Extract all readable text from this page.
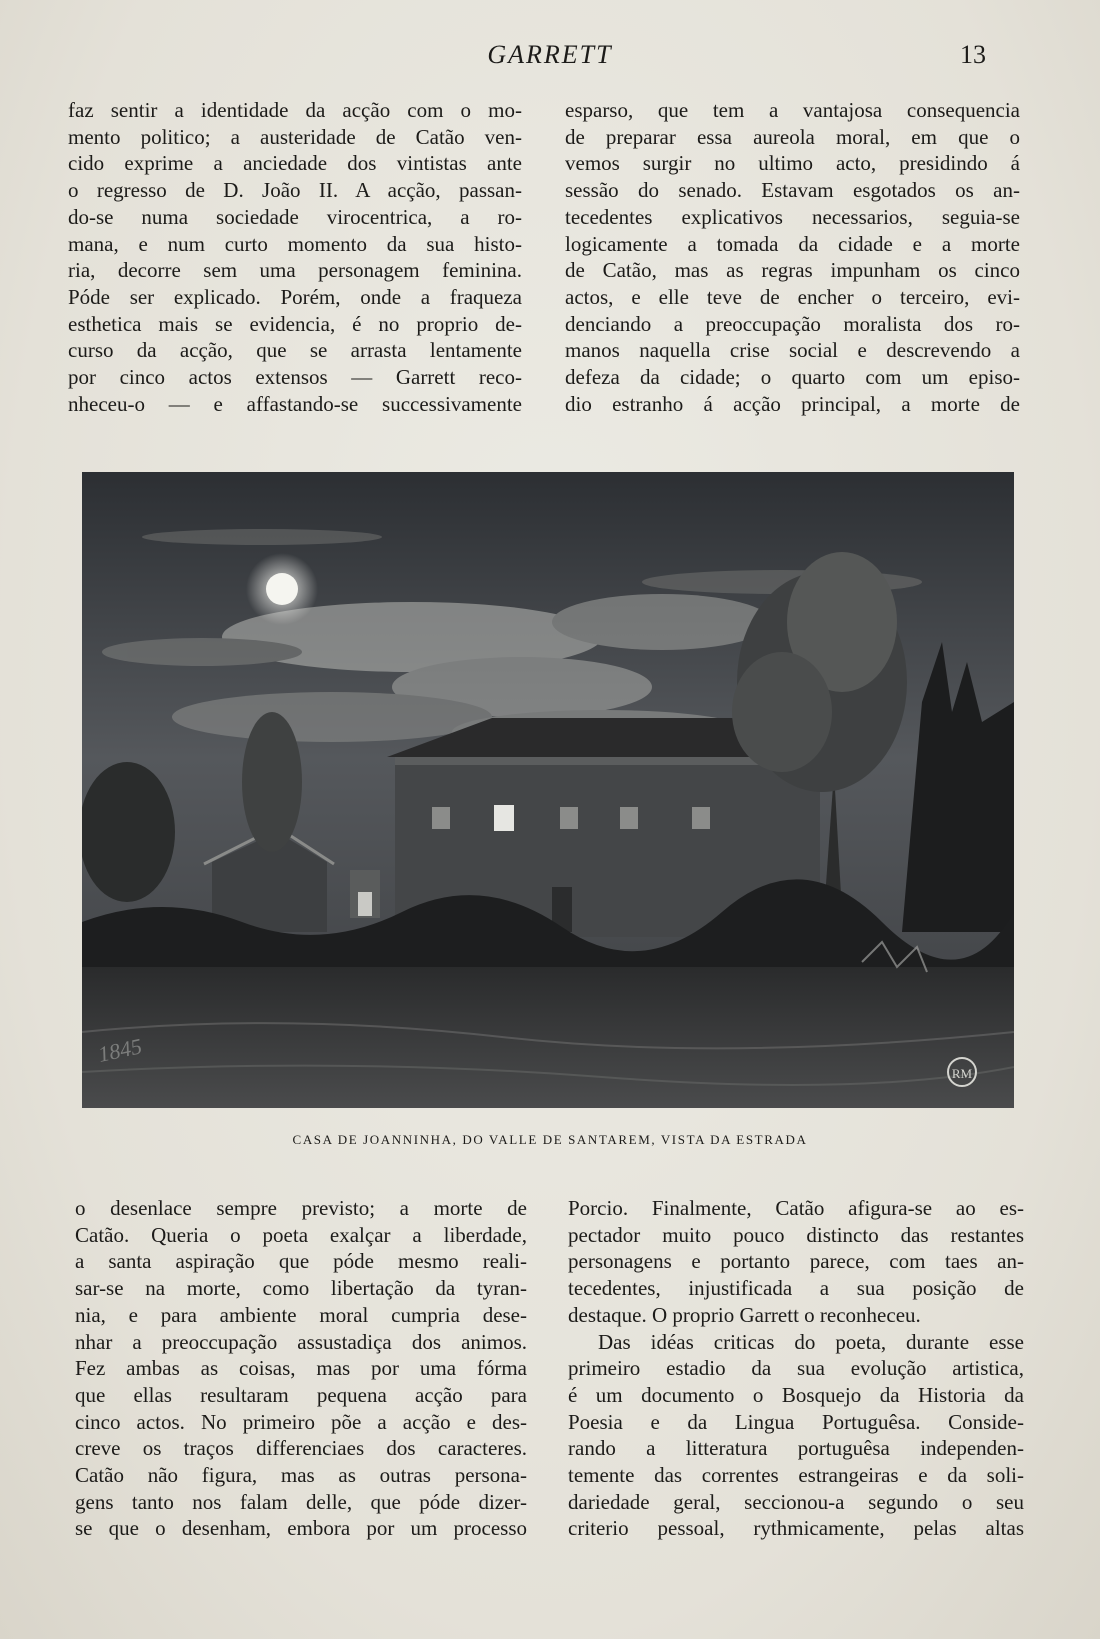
GARRETT	13
faz sentir a identidade da acção com o mo-
mento politico; a austeridade de Catão ven-
cido exprime a anciedade dos vintistas ante
o regresso de D. João II. A acção, passan-
do-se numa sociedade virocentrica, a ro-
mana, e num curto momento da sua histo-
ria, decorre sem uma personagem feminina.
Póde ser explicado. Porém, onde a fraqueza
esthetica mais se evidencia, é no proprio de-
curso da acção, que se arrasta lentamente
por cinco actos extensos — Garrett reco-
nheceu-o — e affastando-se successivamente
esparso, que tem a vantajosa consequencia
de preparar essa aureola moral, em que o
vemos surgir no ultimo acto, presidindo á
sessão do senado. Estavam esgotados os an-
tecedentes explicativos necessarios, seguia-se
logicamente a tomada da cidade e a morte
de Catão, mas as regras impunham os cinco
actos, e elle teve de encher o terceiro, evi-
denciando a preoccupação moralista dos ro-
manos naquella crise social e descrevendo a
defeza da cidade; o quarto com um episo-
dio estranho á acção principal, a morte de
1845
RM
CASA DE JOANNINHA, DO VALLE DE SANTAREM, VISTA DA ESTRADA
o desenlace sempre previsto; a morte de
Catão. Queria o poeta exalçar a liberdade,
a santa aspiração que póde mesmo reali-
sar-se na morte, como libertação da tyran-
nia, e para ambiente moral cumpria dese-
nhar a preoccupação assustadiça dos animos.
Fez ambas as coisas, mas por uma fórma
que ellas resultaram pequena acção para
cinco actos. No primeiro põe a acção e des-
creve os traços differenciaes dos caracteres.
Catão não figura, mas as outras persona-
gens tanto nos falam delle, que póde dizer-
se que o desenham, embora por um processo
Porcio. Finalmente, Catão afigura-se ao es-
pectador muito pouco distincto das restantes
personagens e portanto parece, com taes an-
tecedentes, injustificada a sua posição de
destaque. O proprio Garrett o reconheceu.
Das idéas criticas do poeta, durante esse
primeiro estadio da sua evolução artistica,
é um documento o Bosquejo da Historia da
Poesia e da Lingua Portuguêsa. Conside-
rando a litteratura portuguêsa independen-
temente das correntes estrangeiras e da soli-
dariedade geral, seccionou-a segundo o seu
criterio pessoal, rythmicamente, pelas altas
